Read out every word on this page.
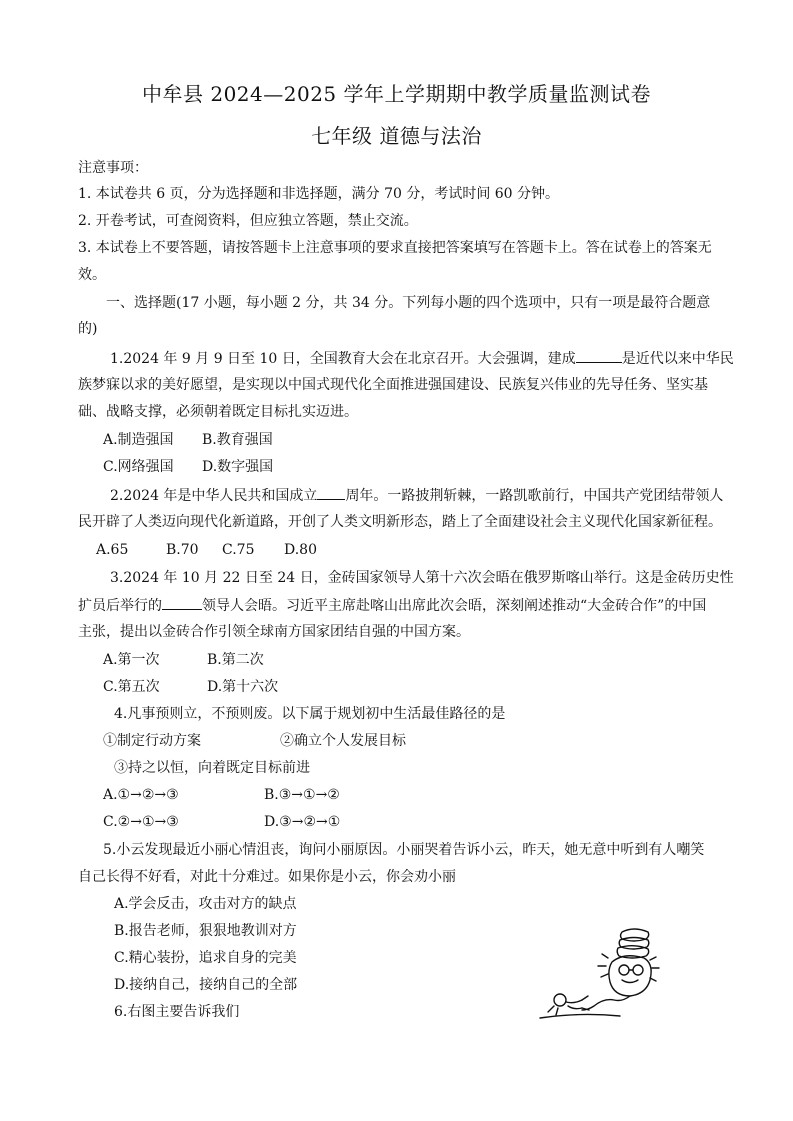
中牟县 2024—2025 学年上学期期中教学质量监测试卷
七年级 道德与法治
注意事项：
1. 本试卷共 6 页，分为选择题和非选择题，满分 70 分，考试时间 60 分钟。
2. 开卷考试，可查阅资料，但应独立答题，禁止交流。
3. 本试卷上不要答题，请按答题卡上注意事项的要求直接把答案填写在答题卡上。答在试卷上的答案无
效。
一、选择题(17 小题，每小题 2 分，共 34 分。下列每小题的四个选项中，只有一项是最符合题意
的)
1.2024 年 9 月 9 日至 10 日，全国教育大会在北京召开。大会强调，建成	是近代以来中华民
族梦寐以求的美好愿望，是实现以中国式现代化全面推进强国建设、民族复兴伟业的先导任务、坚实基
础、战略支撑，必须朝着既定目标扎实迈进。
A.制造强国 B.教育强国
C.网络强国 D.数字强国
2.2024 年是中华人民共和国成立 周年。一路披荆斩棘，一路凯歌前行，中国共产党团结带领人
民开辟了人类迈向现代化新道路，开创了人类文明新形态，踏上了全面建设社会主义现代化国家新征程。
A.65	B.70 C.75 D.80
3.2024 年 10 月 22 日至 24 日，金砖国家领导人第十六次会晤在俄罗斯喀山举行。这是金砖历史性
扩员后举行的	领导人会晤。习近平主席赴喀山出席此次会晤，深刻阐述推动“大金砖合作”的中国
主张，提出以金砖合作引领全球南方国家团结自强的中国方案。
A.第一次	B.第二次
C.第五次	D.第十六次
4.凡事预则立，不预则废。以下属于规划初中生活最佳路径的是
①制定行动方案	②确立个人发展目标
③持之以恒，向着既定目标前进
A.①→②→③	B.③→①→②
C.②→①→③	D.③→②→①
5.小云发现最近小丽心情沮丧，询问小丽原因。小丽哭着告诉小云，昨天，她无意中听到有人嘲笑
自己长得不好看，对此十分难过。如果你是小云，你会劝小丽
A.学会反击，攻击对方的缺点
B.报告老师，狠狠地教训对方
C.精心装扮，追求自身的完美
D.接纳自己，接纳自己的全部
6.右图主要告诉我们
